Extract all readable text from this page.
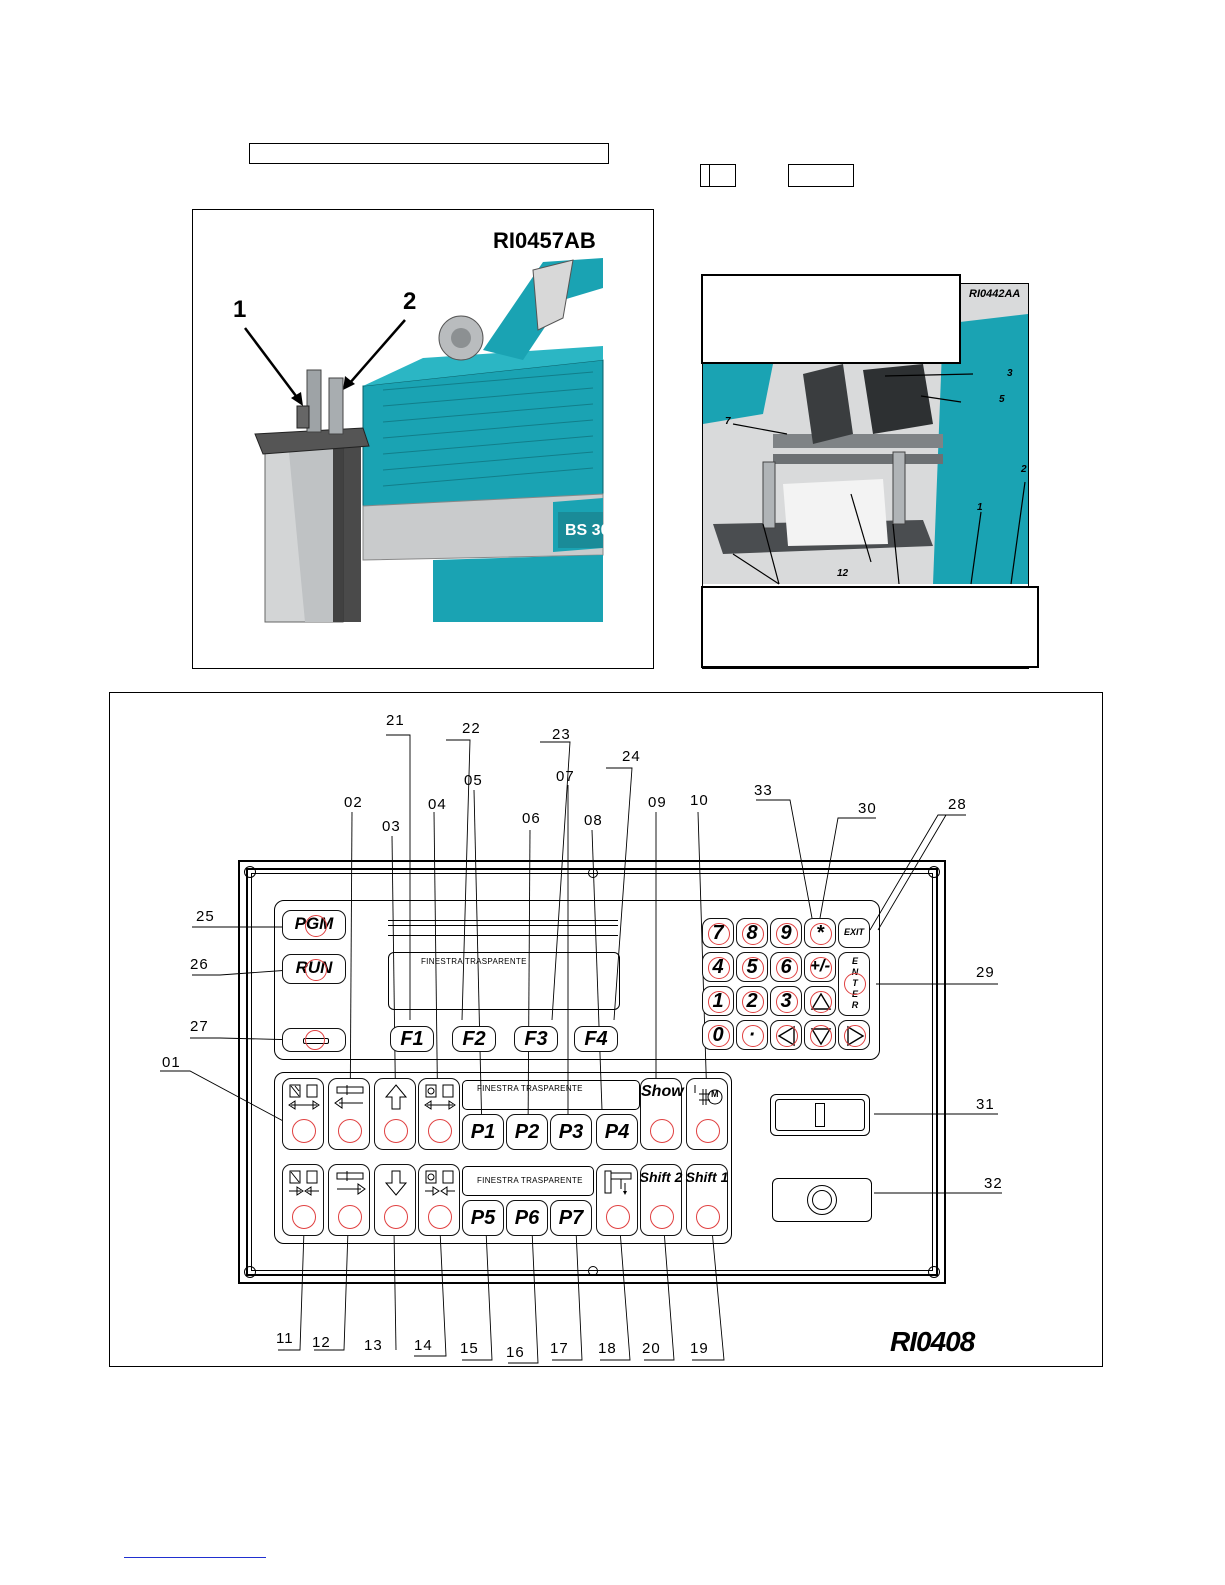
RI0457AB
1	2
BS 30
RI0442AA
3
5
7
2
1
12
21	22	23
24
05	07
02	04
06	08
09 10
03
33
30	28
25
26
27
01
29
31
32
11 12 13 14 15 16 17 18 20 19	RI0408
FINESTRA TRASPARENTE
PGM
RUN
F1	F2	F3	F4
7	8	9	*	EXIT
4	5	6	+/-	E N T E R
1	2	3
0	·
FINESTRA TRASPARENTE
P1 P2 P3	P4
Show	M
FINESTRA TRASPARENTE
P5 P6 P7
Shift 2 Shift 1
